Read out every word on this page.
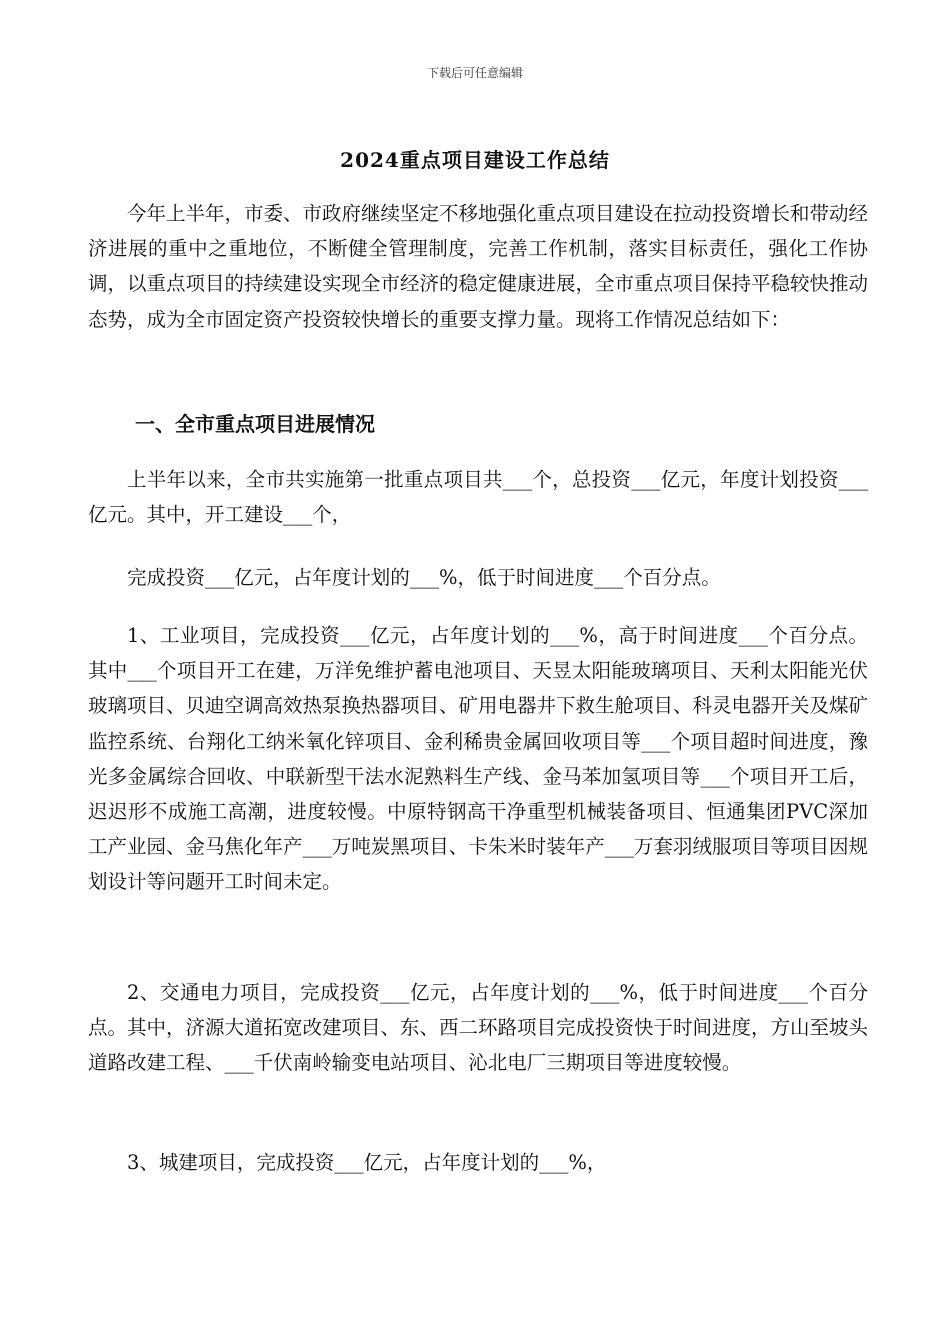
下载后可任意编辑
2024重点项目建设工作总结

今年上半年，市委、市政府继续坚定不移地强化重点项目建设在拉动投资增长和带动经济进展的重中之重地位，不断健全管理制度，完善工作机制，落实目标责任，强化工作协调，以重点项目的持续建设实现全市经济的稳定健康进展，全市重点项目保持平稳较快推动态势，成为全市固定资产投资较快增长的重要支撑力量。现将工作情况总结如下：

一、全市重点项目进展情况

上半年以来，全市共实施第一批重点项目共___个，总投资___亿元，年度计划投资___亿元。其中，开工建设___个，

完成投资___亿元，占年度计划的___%，低于时间进度___个百分点。

1、工业项目，完成投资___亿元，占年度计划的___%，高于时间进度___个百分点。其中___个项目开工在建，万洋免维护蓄电池项目、天昱太阳能玻璃项目、天利太阳能光伏玻璃项目、贝迪空调高效热泵换热器项目、矿用电器井下救生舱项目、科灵电器开关及煤矿监控系统、台翔化工纳米氧化锌项目、金利稀贵金属回收项目等___个项目超时间进度，豫光多金属综合回收、中联新型干法水泥熟料生产线、金马苯加氢项目等___个项目开工后，迟迟形不成施工高潮，进度较慢。中原特钢高干净重型机械装备项目、恒通集团PVC深加工产业园、金马焦化年产___万吨炭黑项目、卡朱米时装年产___万套羽绒服项目等项目因规划设计等问题开工时间未定。

2、交通电力项目，完成投资___亿元，占年度计划的___%，低于时间进度___个百分点。其中，济源大道拓宽改建项目、东、西二环路项目完成投资快于时间进度，方山至坡头道路改建工程、___千伏南岭输变电站项目、沁北电厂三期项目等进度较慢。

3、城建项目，完成投资___亿元，占年度计划的___%，
